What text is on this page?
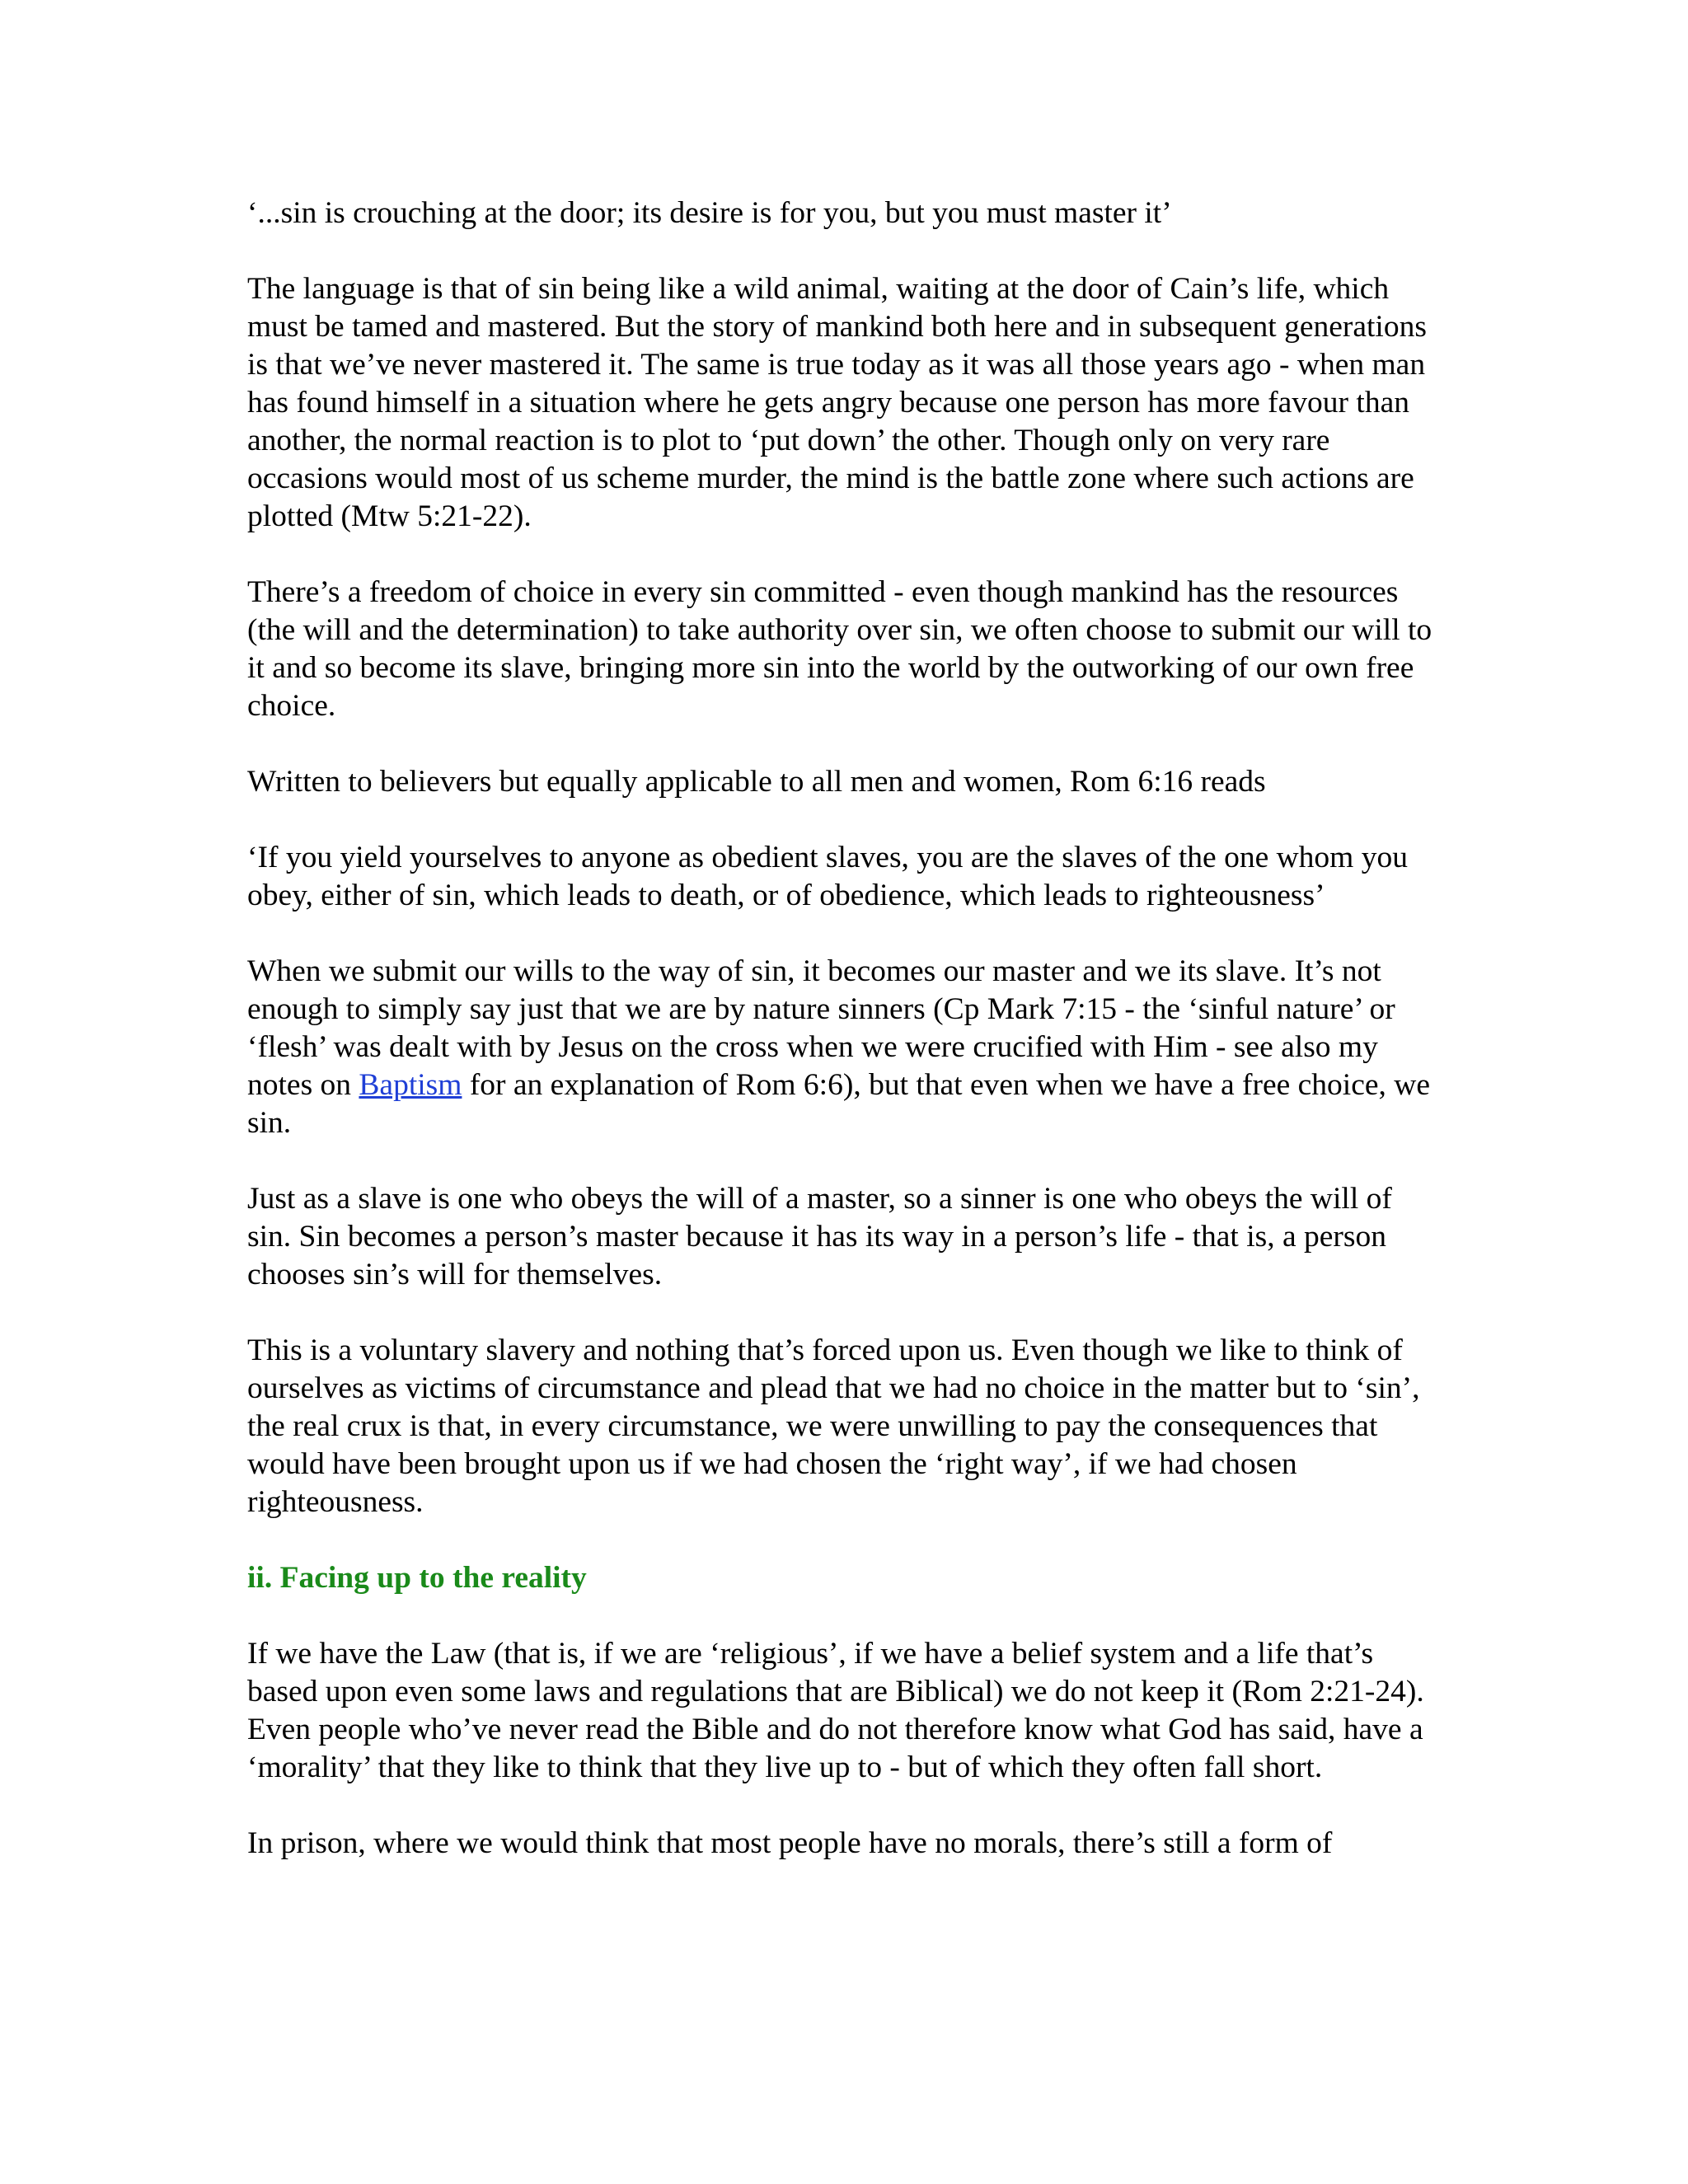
‘...sin is crouching at the door; its desire is for you, but you must master it’

The language is that of sin being like a wild animal, waiting at the door of Cain’s life, which must be tamed and mastered. But the story of mankind both here and in subsequent generations is that we’ve never mastered it. The same is true today as it was all those years ago - when man has found himself in a situation where he gets angry because one person has more favour than another, the normal reaction is to plot to ‘put down’ the other. Though only on very rare occasions would most of us scheme murder, the mind is the battle zone where such actions are plotted (Mtw 5:21-22).

There’s a freedom of choice in every sin committed - even though mankind has the resources (the will and the determination) to take authority over sin, we often choose to submit our will to it and so become its slave, bringing more sin into the world by the outworking of our own free choice.

Written to believers but equally applicable to all men and women, Rom 6:16 reads

‘If you yield yourselves to anyone as obedient slaves, you are the slaves of the one whom you obey, either of sin, which leads to death, or of obedience, which leads to righteousness’

When we submit our wills to the way of sin, it becomes our master and we its slave. It’s not enough to simply say just that we are by nature sinners (Cp Mark 7:15 - the ‘sinful nature’ or ‘flesh’ was dealt with by Jesus on the cross when we were crucified with Him - see also my notes on Baptism for an explanation of Rom 6:6), but that even when we have a free choice, we sin.

Just as a slave is one who obeys the will of a master, so a sinner is one who obeys the will of sin. Sin becomes a person’s master because it has its way in a person’s life - that is, a person chooses sin’s will for themselves.

This is a voluntary slavery and nothing that’s forced upon us. Even though we like to think of ourselves as victims of circumstance and plead that we had no choice in the matter but to ‘sin’, the real crux is that, in every circumstance, we were unwilling to pay the consequences that would have been brought upon us if we had chosen the ‘right way’, if we had chosen righteousness.

ii. Facing up to the reality

If we have the Law (that is, if we are ‘religious’, if we have a belief system and a life that’s based upon even some laws and regulations that are Biblical) we do not keep it (Rom 2:21-24). Even people who’ve never read the Bible and do not therefore know what God has said, have a ‘morality’ that they like to think that they live up to - but of which they often fall short.

In prison, where we would think that most people have no morals, there’s still a form of
